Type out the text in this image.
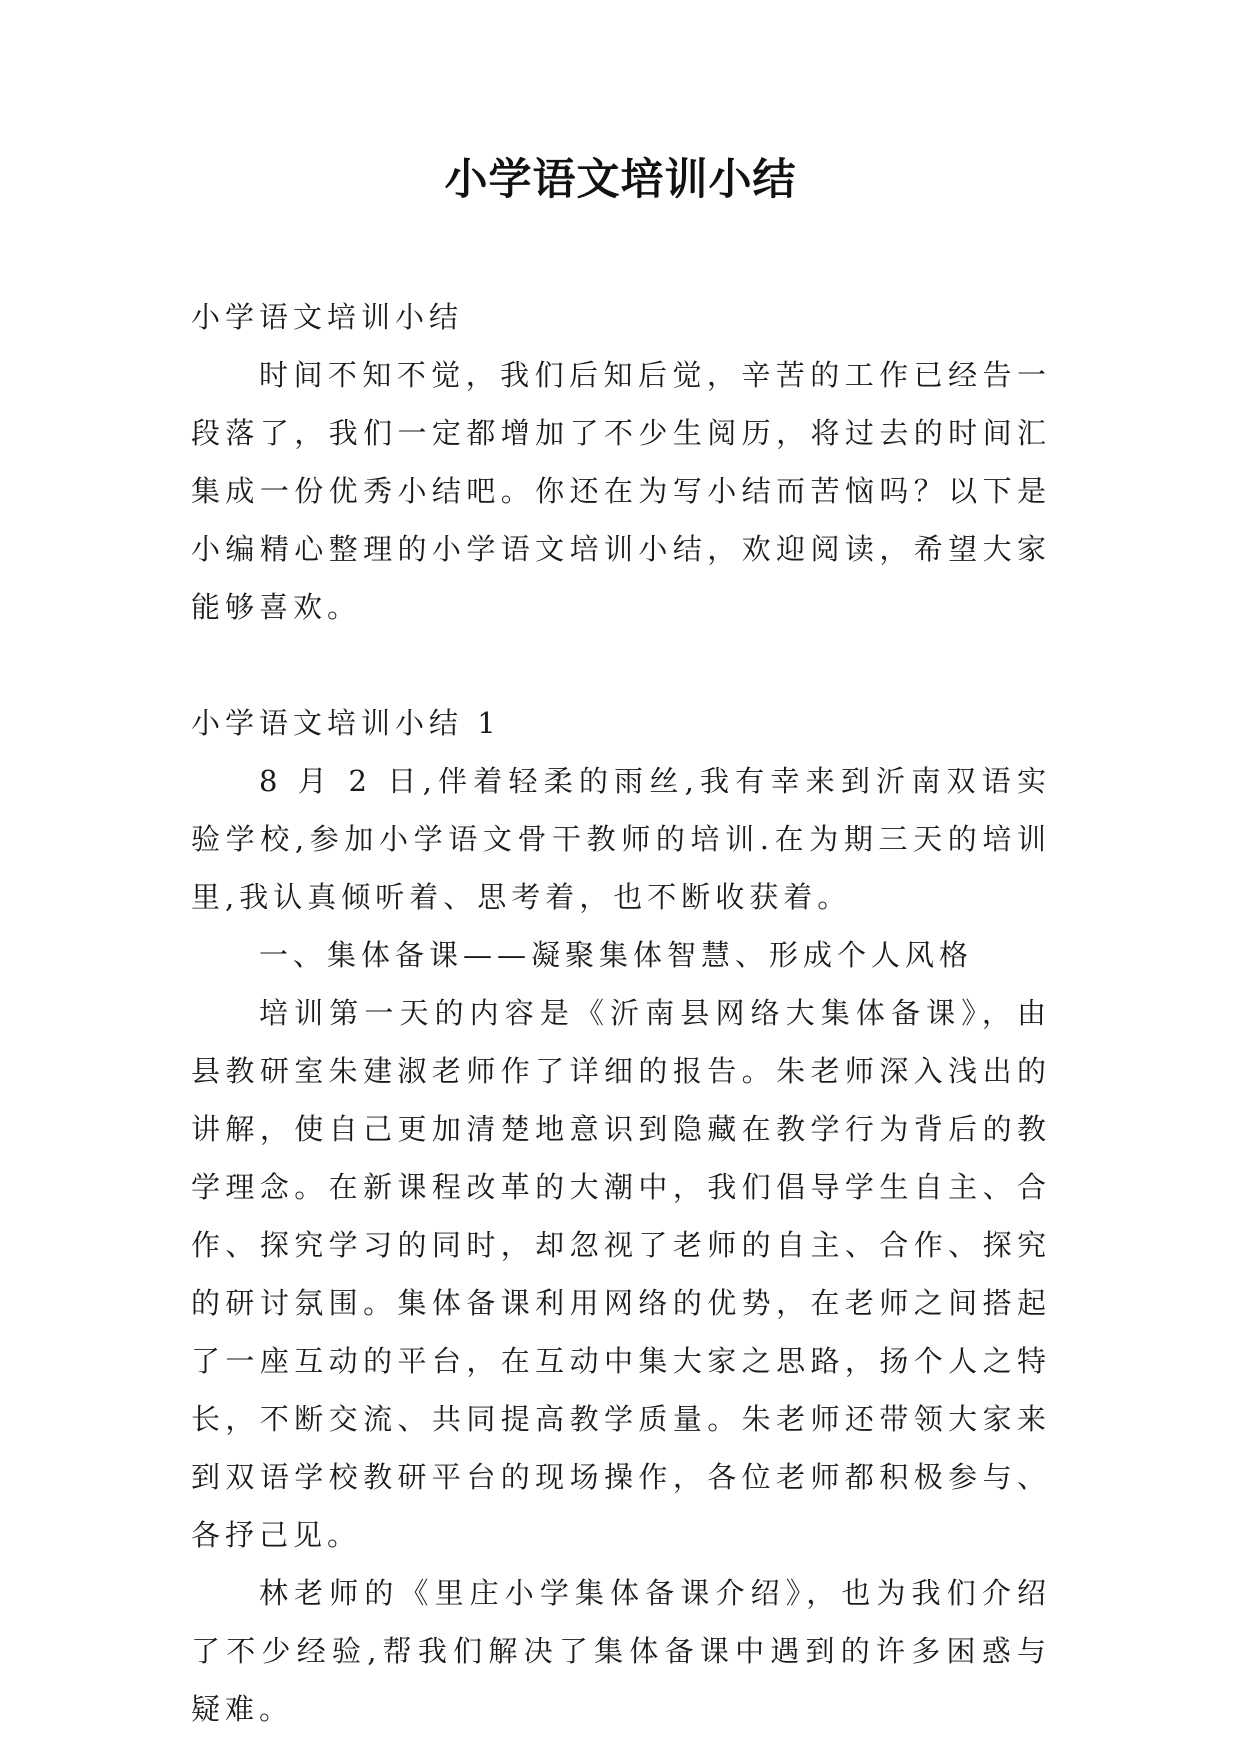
小学语文培训小结

小学语文培训小结

时间不知不觉，我们后知后觉，辛苦的工作已经告一段落了，我们一定都增加了不少生阅历，将过去的时间汇集成一份优秀小结吧。你还在为写小结而苦恼吗？以下是小编精心整理的小学语文培训小结，欢迎阅读，希望大家能够喜欢。

小学语文培训小结 1

8 月 2 日,伴着轻柔的雨丝,我有幸来到沂南双语实验学校,参加小学语文骨干教师的培训.在为期三天的培训里,我认真倾听着、思考着，也不断收获着。

一、集体备课——凝聚集体智慧、形成个人风格

培训第一天的内容是《沂南县网络大集体备课》，由县教研室朱建淑老师作了详细的报告。朱老师深入浅出的讲解，使自己更加清楚地意识到隐藏在教学行为背后的教学理念。在新课程改革的大潮中，我们倡导学生自主、合作、探究学习的同时，却忽视了老师的自主、合作、探究的研讨氛围。集体备课利用网络的优势，在老师之间搭起了一座互动的平台，在互动中集大家之思路，扬个人之特长，不断交流、共同提高教学质量。朱老师还带领大家来到双语学校教研平台的现场操作，各位老师都积极参与、各抒己见。

林老师的《里庄小学集体备课介绍》，也为我们介绍了不少经验,帮我们解决了集体备课中遇到的许多困惑与疑难。
